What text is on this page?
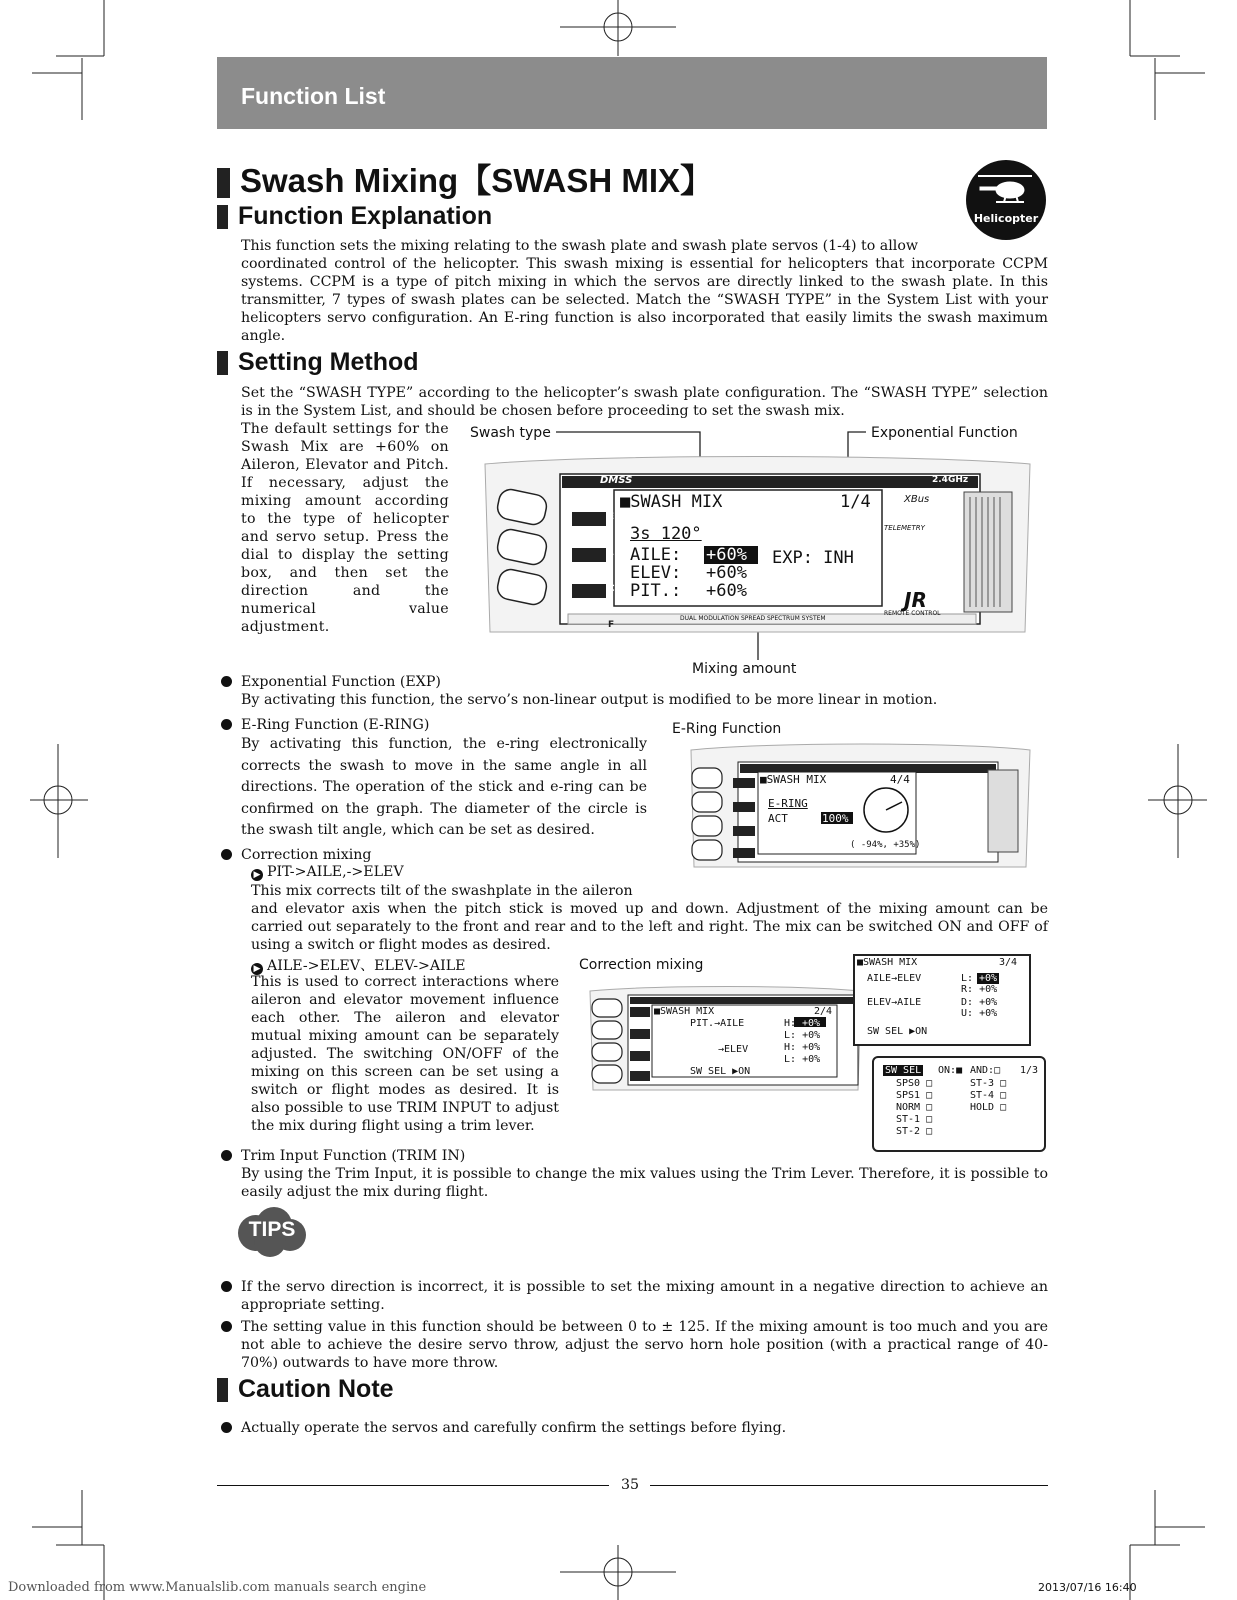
Function List
Swash Mixing【SWASH MIX】
Helicopter
Function Explanation
This function sets the mixing relating to the swash plate and swash plate servos (1-4) to allow
coordinated control of the helicopter. This swash mixing is essential for helicopters that incorporate CCPM systems. CCPM is a type of pitch mixing in which the servos are directly linked to the swash plate. In this transmitter, 7 types of swash plates can be selected. Match the “SWASH TYPE” in the System List with your helicopters servo configuration. An E-ring function is also incorporated that easily limits the swash maximum angle.
Setting Method
Set the “SWASH TYPE” according to the helicopter’s swash plate configuration. The “SWASH TYPE” selection is in the System List, and should be chosen before proceeding to set the swash mix.
The default settings for the Swash Mix are +60% on Aileron, Elevator and Pitch. If necessary, adjust the mixing amount according to the type of helicopter and servo setup. Press the dial to display the setting box, and then set the direction and the numerical value adjustment.
Swash type	Exponential Function
DMSS	2.4GHz
E
L
C
F
■SWASH MIX	1/4
3s 120°
AILE: +60%
ELEV: +60%
PIT.: +60%
EXP: INH
XBus
TELEMETRY
JR
REMOTE CONTROL
DUAL MODULATION SPREAD SPECTRUM SYSTEM
Mixing amount
Exponential Function (EXP)
By activating this function, the servo’s non-linear output is modified to be more linear in motion.
E-Ring Function (E-RING)
By activating this function, the e-ring electronically corrects the swash to move in the same angle in all directions. The operation of the stick and e-ring can be confirmed on the graph. The diameter of the circle is the swash tilt angle, which can be set as desired.
E-Ring Function
■SWASH MIX	4/4
E-RING
ACT	100%
( -94%, +35%)
Correction mixing
▶ PIT->AILE,->ELEV
This mix corrects tilt of the swashplate in the aileron
and elevator axis when the pitch stick is moved up and down. Adjustment of the mixing amount can be carried out separately to the front and rear and to the left and right. The mix can be switched ON and OFF of using a switch or flight modes as desired.
▶ AILE->ELEV、ELEV->AILE
This is used to correct interactions where aileron and elevator movement influence each other. The aileron and elevator mutual mixing amount can be separately adjusted. The switching ON/OFF of the mixing on this screen can be set using a switch or flight modes as desired. It is also possible to use TRIM INPUT to adjust the mix during flight using a trim lever.
Correction mixing
■SWASH MIX	2/4
PIT.→AILE
→ELEV
H: +0%
L: +0%
H: +0%
L: +0%
SW SEL ▶ON
■SWASH MIX	3/4
AILE→ELEV
ELEV→AILE
L: +0%
R: +0%
D: +0%
U: +0%
SW SEL ▶ON
SW SEL ON:■ AND:□ 1/3
SPS0 □
SPS1 □
NORM □
ST-1 □
ST-2 □
ST-3 □
ST-4 □
HOLD □
Trim Input Function (TRIM IN)
By using the Trim Input, it is possible to change the mix values using the Trim Lever. Therefore, it is possible to easily adjust the mix during flight.
TIPS
If the servo direction is incorrect, it is possible to set the mixing amount in a negative direction to achieve an appropriate setting.
The setting value in this function should be between 0 to ± 125. If the mixing amount is too much and you are not able to achieve the desire servo throw, adjust the servo horn hole position (with a practical range of 40-70%) outwards to have more throw.
Caution Note
Actually operate the servos and carefully confirm the settings before flying.
35
Downloaded from www.Manualslib.com manuals search engine	2013/07/16 16:40
